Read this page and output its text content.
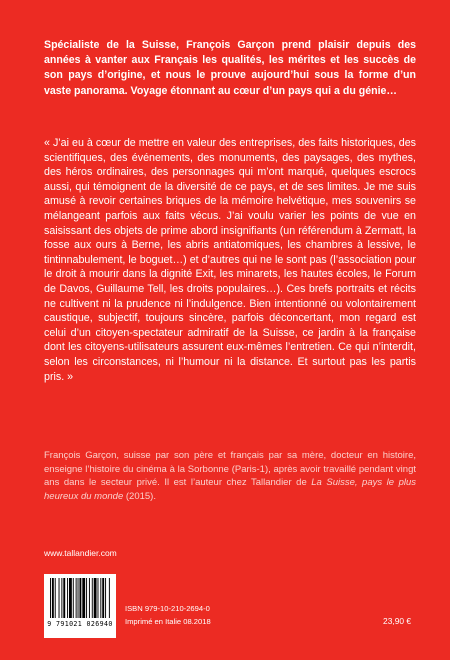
Spécialiste de la Suisse, François Garçon prend plaisir depuis des années à vanter aux Français les qualités, les mérites et les succès de son pays d’origine, et nous le prouve aujourd’hui sous la forme d’un vaste panorama. Voyage étonnant au cœur d’un pays qui a du génie…

« J’ai eu à cœur de mettre en valeur des entreprises, des faits historiques, des scientifiques, des événements, des monuments, des paysages, des mythes, des héros ordinaires, des personnages qui m’ont marqué, quelques escrocs aussi, qui témoignent de la diversité de ce pays, et de ses limites. Je me suis amusé à revoir certaines briques de la mémoire helvétique, mes souvenirs se mélangeant parfois aux faits vécus. J’ai voulu varier les points de vue en saisissant des objets de prime abord insignifiants (un référendum à Zermatt, la fosse aux ours à Berne, les abris antiatomiques, les chambres à lessive, le tintinnabulement, le boguet…) et d’autres qui ne le sont pas (l’association pour le droit à mourir dans la dignité Exit, les minarets, les hautes écoles, le Forum de Davos, Guillaume Tell, les droits populaires…). Ces brefs portraits et récits ne cultivent ni la prudence ni l’indulgence. Bien intentionné ou volontairement caustique, subjectif, toujours sincère, parfois déconcertant, mon regard est celui d’un citoyen-spectateur admiratif de la Suisse, ce jardin à la française dont les citoyens-utilisateurs assurent eux-mêmes l’entretien. Ce qui n’interdit, selon les circonstances, ni l’humour ni la distance. Et surtout pas les partis pris. »

François Garçon, suisse par son père et français par sa mère, docteur en histoire, enseigne l’histoire du cinéma à la Sorbonne (Paris-1), après avoir travaillé pendant vingt ans dans le secteur privé. Il est l’auteur chez Tallandier de La Suisse, pays le plus heureux du monde (2015).

www.tallandier.com

9 791021 026940

ISBN 979-10-210-2694-0

Imprimé en Italie 08.2018	23,90 €
